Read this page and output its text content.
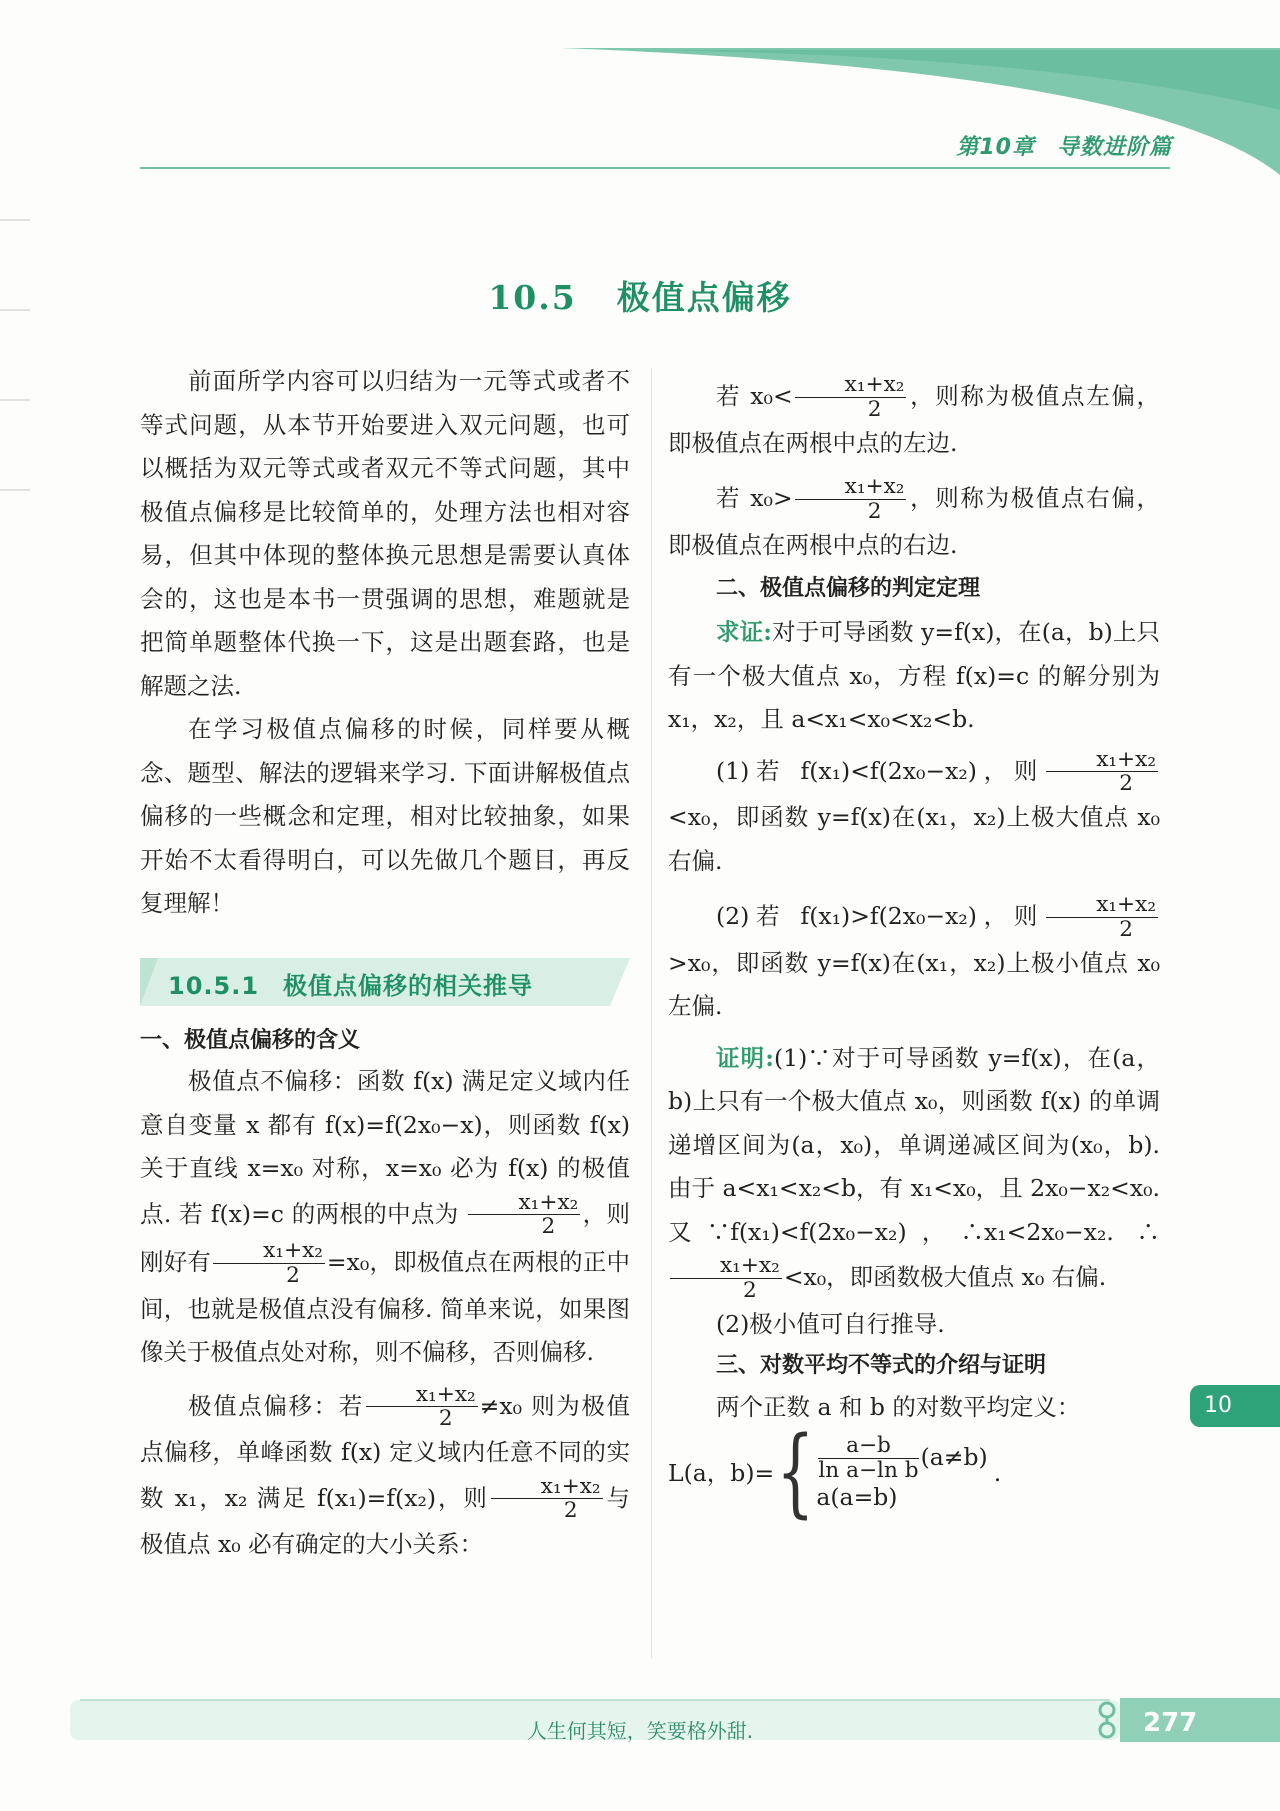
第10章 导数进阶篇
10.5 极值点偏移

前面所学内容可以归结为一元等式或者不等式问题，从本节开始要进入双元问题，也可以概括为双元等式或者双元不等式问题，其中极值点偏移是比较简单的，处理方法也相对容易，但其中体现的整体换元思想是需要认真体会的，这也是本书一贯强调的思想，难题就是把简单题整体代换一下，这是出题套路，也是解题之法.

在学习极值点偏移的时候，同样要从概念、题型、解法的逻辑来学习. 下面讲解极值点偏移的一些概念和定理，相对比较抽象，如果开始不太看得明白，可以先做几个题目，再反复理解！

10.5.1 极值点偏移的相关推导

一、极值点偏移的含义

极值点不偏移：函数 f(x) 满足定义域内任意自变量 x 都有 f(x)=f(2x₀−x)，则函数 f(x) 关于直线 x=x₀ 对称，x=x₀ 必为 f(x) 的极值点. 若 f(x)=c 的两根的中点为 $\frac{\text{x₁+x₂}}{2}$ ，则刚好有 $\frac{\text{x₁+x₂}}{2} =x_0$，即极值点在两根的正中间，也就是极值点没有偏移. 简单来说，如果图像关于极值点处对称，则不偏移，否则偏移.

极值点偏移：若 $\frac{\text{x₁+x₂}}{2} \ne x_0$ 则为极值点偏移，单峰函数 f(x) 定义域内任意不同的实数 x₁，x₂ 满足 f(x₁)=f(x₂)，则 $\frac{\text{x₁+x₂}}{2}$ 与极值点 x₀ 必有确定的大小关系：

若 $x_0< \frac{\text{x₁+x₂}}{2}$ ，则称为极值点左偏，即极值点在两根中点的左边.

若 $x_0> \frac{\text{x₁+x₂}}{2}$ ，则称为极值点右偏，即极值点在两根中点的右边.

二、极值点偏移的判定定理

求证:对于可导函数 y=f(x)，在(a，b)上只有一个极大值点 x₀，方程 f(x)=c 的解分别为 x₁，x₂，且 a<x₁<x₀<x₂<b.

(1)若 f(x₁)<f(2x₀−x₂)，则 $\frac{\text{x₁+x₂}}{2}$
<x₀，即函数 y=f(x)在(x₁，x₂)上极大值点 x₀ 右偏.

(2)若 f(x₁)>f(2x₀−x₂)，则 $\frac{\text{x₁+x₂}}{2}$
>x₀，即函数 y=f(x)在(x₁，x₂)上极小值点 x₀ 左偏.

证明:(1)∵对于可导函数 y=f(x)，在(a，b)上只有一个极大值点 x₀，则函数 f(x) 的单调递增区间为(a，x₀)，单调递减区间为(x₀，b). 由于 a<x₁<x₂<b，有 x₁<x₀，且 2x₀−x₂<x₀. 又∵f(x₁)<f(2x₀−x₂)，∴x₁<2x₀−x₂. ∴
$\frac{\text{x₁+x₂}}{2} <x_0$，即函数极大值点 x₀ 右偏.

(2)极小值可自行推导.

三、对数平均不等式的介绍与证明

两个正数 a 和 b 的对数平均定义：

L(a，$b)=\{ \frac{a-b}{\text{ln a−ln b}} (a\ne b)$
a(a=b)
.
10
人生何其短，笑要格外甜.	277
